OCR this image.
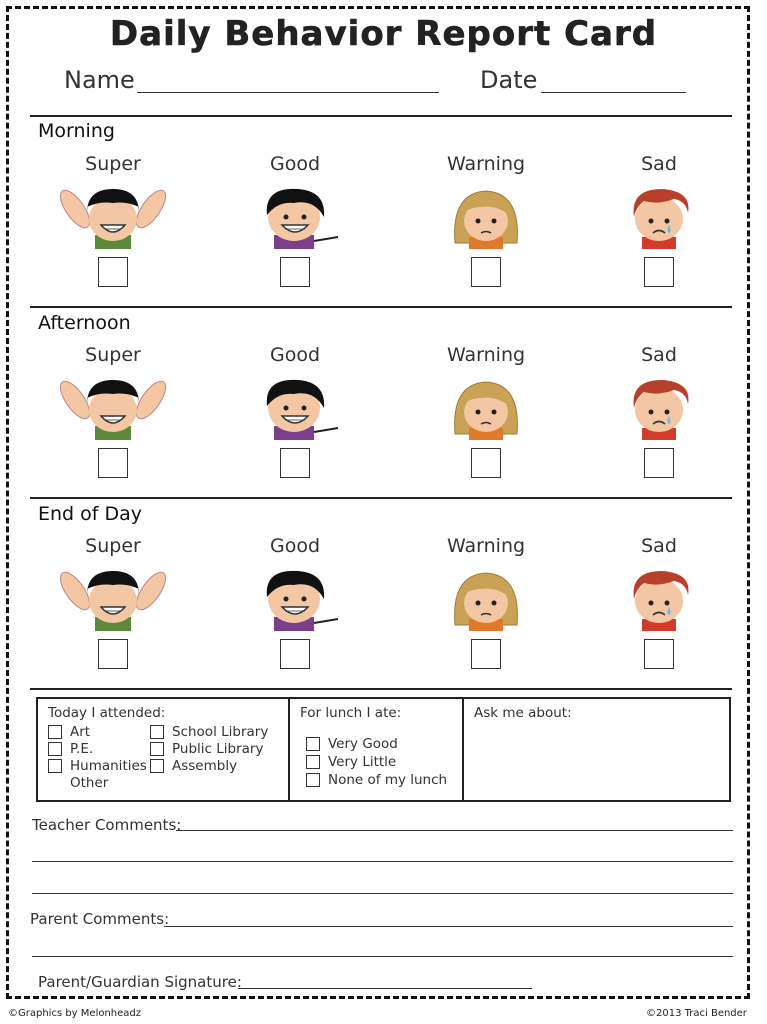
Daily Behavior Report Card
Name	Date
Morning
Afternoon
End of Day
Super	Good	Warning	Sad
Super	Good	Warning	Sad
Super	Good	Warning	Sad
Today I attended:
Art
P.E.
Humanities
Other
School Library
Public Library
Assembly
For lunch I ate:
Very Good
Very Little
None of my lunch
Ask me about:
Teacher Comments:
Parent Comments:
Parent/Guardian Signature:
©Graphics by Melonheadz	©2013 Traci Bender
